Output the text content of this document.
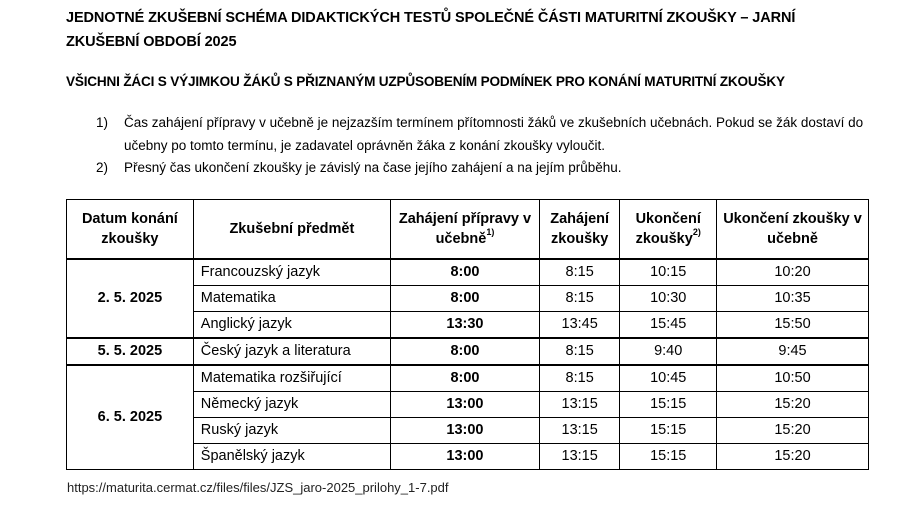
JEDNOTNÉ ZKUŠEBNÍ SCHÉMA DIDAKTICKÝCH TESTŮ SPOLEČNÉ ČÁSTI MATURITNÍ ZKOUŠKY – JARNÍ
ZKUŠEBNÍ OBDOBÍ 2025
VŠICHNI ŽÁCI S VÝJIMKOU ŽÁKŮ S PŘIZNANÝM UZPŮSOBENÍM PODMÍNEK PRO KONÁNÍ MATURITNÍ ZKOUŠKY
1)	Čas zahájení přípravy v učebně je nejzazším termínem přítomnosti žáků ve zkušebních učebnách. Pokud se žák dostaví do učebny po tomto termínu, je zadavatel oprávněn žáka z konání zkoušky vyloučit.
2)	Přesný čas ukončení zkoušky je závislý na čase jejího zahájení a na jejím průběhu.
Datum konání zkoušky	Zkušební předmět	Zahájení přípravy v učebně$^{1)}$	Zahájení zkoušky	Ukončení zkoušky$^{2)}$	Ukončení zkoušky v učebně
2. 5. 2025	Francouzský jazyk	8:00	8:15	10:15	10:20
	Matematika	8:00	8:15	10:30	10:35
	Anglický jazyk	13:30	13:45	15:45	15:50
5. 5. 2025	Český jazyk a literatura	8:00	8:15	9:40	9:45
6. 5. 2025	Matematika rozšiřující	8:00	8:15	10:45	10:50
	Německý jazyk	13:00	13:15	15:15	15:20
	Ruský jazyk	13:00	13:15	15:15	15:20
	Španělský jazyk	13:00	13:15	15:15	15:20
https://maturita.cermat.cz/files/files/JZS_jaro-2025_prilohy_1-7.pdf
